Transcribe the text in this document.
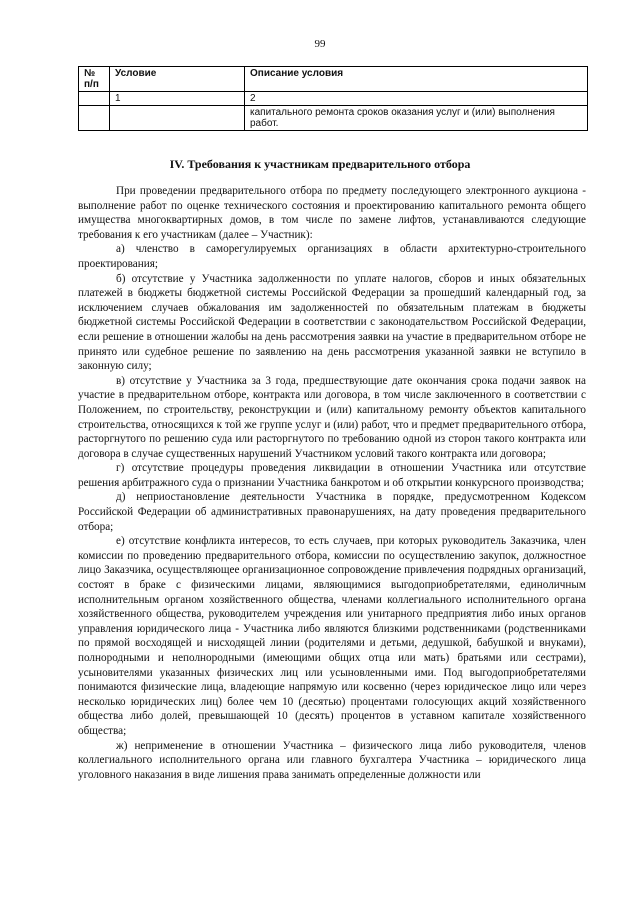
99
№ п/п	Условие	Описание условия
	1	2
		капитального ремонта сроков оказания услуг и (или) выполнения работ.
IV. Требования к участникам предварительного отбора

При проведении предварительного отбора по предмету последующего электронного аукциона - выполнение работ по оценке технического состояния и проектированию капитального ремонта общего имущества многоквартирных домов, в том числе по замене лифтов, устанавливаются следующие требования к его участникам (далее – Участник):

а) членство в саморегулируемых организациях в области архитектурно-строительного проектирования;

б) отсутствие у Участника задолженности по уплате налогов, сборов и иных обязательных платежей в бюджеты бюджетной системы Российской Федерации за прошедший календарный год, за исключением случаев обжалования им задолженностей по обязательным платежам в бюджеты бюджетной системы Российской Федерации в соответствии с законодательством Российской Федерации, если решение в отношении жалобы на день рассмотрения заявки на участие в предварительном отборе не принято или судебное решение по заявлению на день рассмотрения указанной заявки не вступило в законную силу;

в) отсутствие у Участника за 3 года, предшествующие дате окончания срока подачи заявок на участие в предварительном отборе, контракта или договора, в том числе заключенного в соответствии с Положением, по строительству, реконструкции и (или) капитальному ремонту объектов капитального строительства, относящихся к той же группе услуг и (или) работ, что и предмет предварительного отбора, расторгнутого по решению суда или расторгнутого по требованию одной из сторон такого контракта или договора в случае существенных нарушений Участником условий такого контракта или договора;

г) отсутствие процедуры проведения ликвидации в отношении Участника или отсутствие решения арбитражного суда о признании Участника банкротом и об открытии конкурсного производства;

д) неприостановление деятельности Участника в порядке, предусмотренном Кодексом Российской Федерации об административных правонарушениях, на дату проведения предварительного отбора;

е) отсутствие конфликта интересов, то есть случаев, при которых руководитель Заказчика, член комиссии по проведению предварительного отбора, комиссии по осуществлению закупок, должностное лицо Заказчика, осуществляющее организационное сопровождение привлечения подрядных организаций, состоят в браке с физическими лицами, являющимися выгодоприобретателями, единоличным исполнительным органом хозяйственного общества, членами коллегиального исполнительного органа хозяйственного общества, руководителем учреждения или унитарного предприятия либо иных органов управления юридического лица - Участника либо являются близкими родственниками (родственниками по прямой восходящей и нисходящей линии (родителями и детьми, дедушкой, бабушкой и внуками), полнородными и неполнородными (имеющими общих отца или мать) братьями или сестрами), усыновителями указанных физических лиц или усыновленными ими. Под выгодоприобретателями понимаются физические лица, владеющие напрямую или косвенно (через юридическое лицо или через несколько юридических лиц) более чем 10 (десятью) процентами голосующих акций хозяйственного общества либо долей, превышающей 10 (десять) процентов в уставном капитале хозяйственного общества;

ж) неприменение в отношении Участника – физического лица либо руководителя, членов коллегиального исполнительного органа или главного бухгалтера Участника – юридического лица уголовного наказания в виде лишения права занимать определенные должности или
